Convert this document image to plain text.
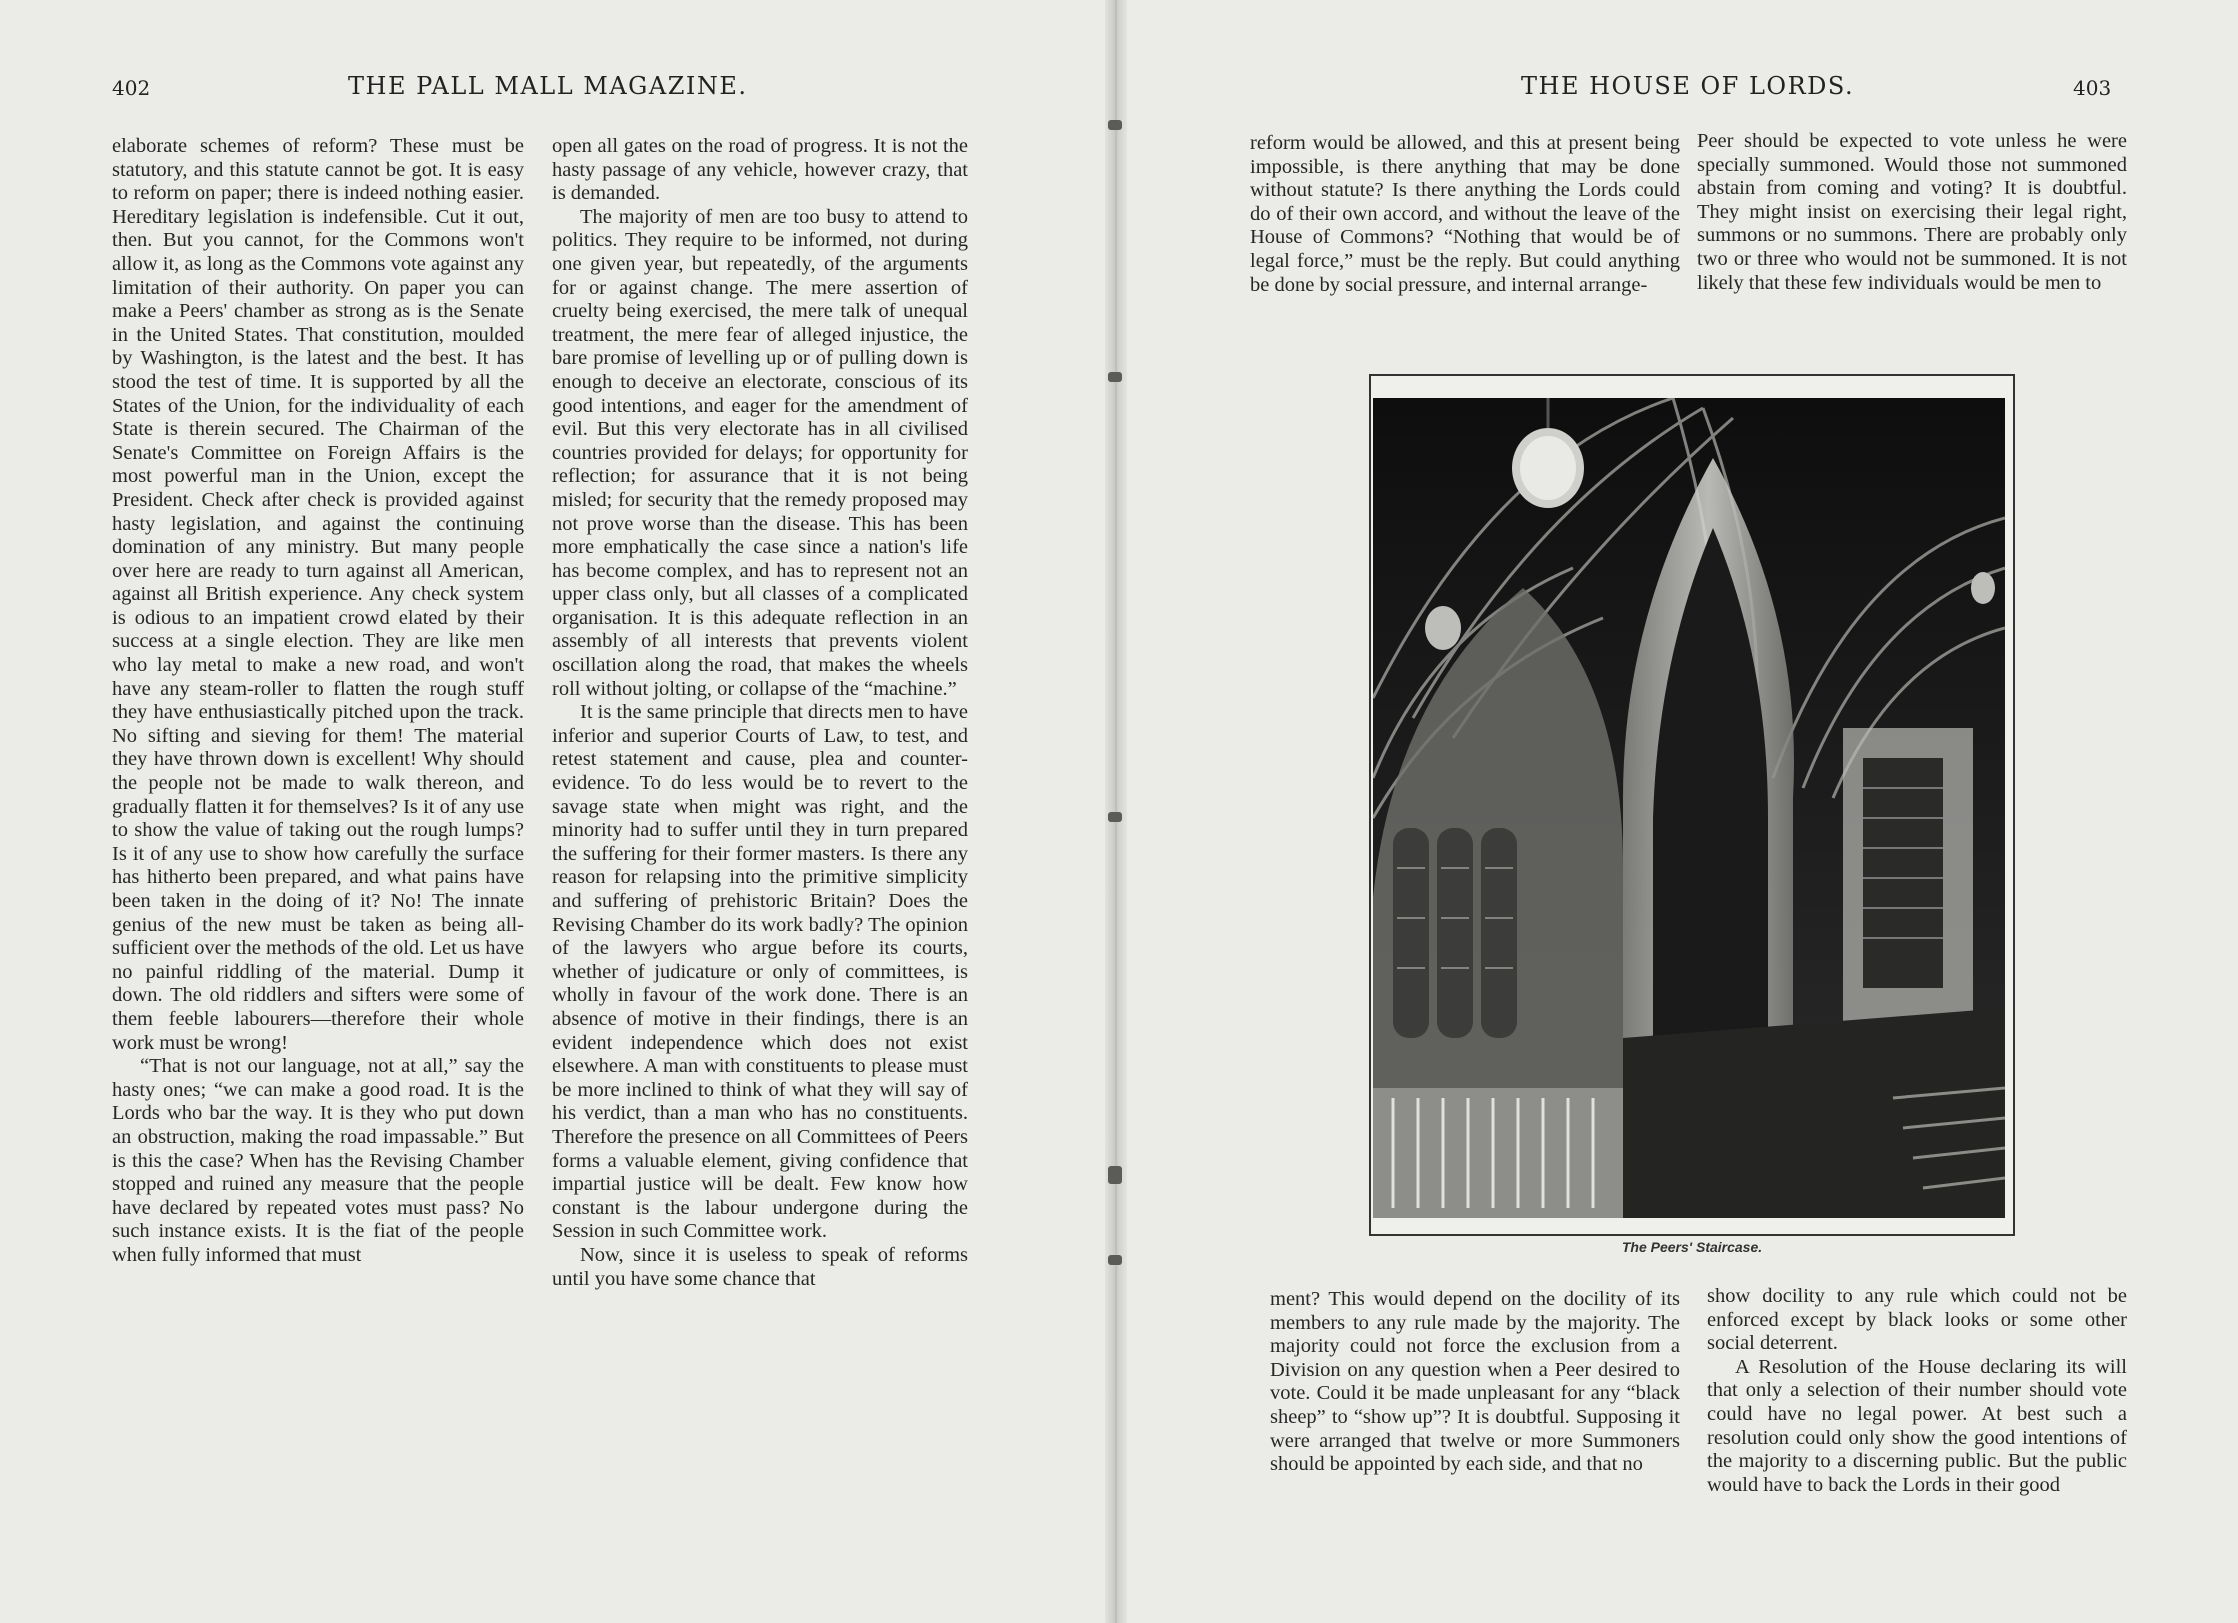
402	THE PALL MALL MAGAZINE.

elaborate schemes of reform? These must be statutory, and this statute cannot be got. It is easy to reform on paper; there is indeed nothing easier. Hereditary legislation is indefensible. Cut it out, then. But you cannot, for the Commons won't allow it, as long as the Commons vote against any limitation of their authority. On paper you can make a Peers' chamber as strong as is the Senate in the United States. That constitution, moulded by Washington, is the latest and the best. It has stood the test of time. It is supported by all the States of the Union, for the individuality of each State is therein secured. The Chairman of the Senate's Committee on Foreign Affairs is the most powerful man in the Union, except the President. Check after check is provided against hasty legislation, and against the continuing domination of any ministry. But many people over here are ready to turn against all American, against all British experience. Any check system is odious to an impatient crowd elated by their success at a single election. They are like men who lay metal to make a new road, and won't have any steam-roller to flatten the rough stuff they have enthusiastically pitched upon the track. No sifting and sieving for them! The material they have thrown down is excellent! Why should the people not be made to walk thereon, and gradually flatten it for themselves? Is it of any use to show the value of taking out the rough lumps? Is it of any use to show how carefully the surface has hitherto been prepared, and what pains have been taken in the doing of it? No! The innate genius of the new must be taken as being all-sufficient over the methods of the old. Let us have no painful riddling of the material. Dump it down. The old riddlers and sifters were some of them feeble labourers—therefore their whole work must be wrong!

“That is not our language, not at all,” say the hasty ones; “we can make a good road. It is the Lords who bar the way. It is they who put down an obstruction, making the road impassable.” But is this the case? When has the Revising Chamber stopped and ruined any measure that the people have declared by repeated votes must pass? No such instance exists. It is the fiat of the people when fully informed that must

open all gates on the road of progress. It is not the hasty passage of any vehicle, however crazy, that is demanded.

The majority of men are too busy to attend to politics. They require to be informed, not during one given year, but repeatedly, of the arguments for or against change. The mere assertion of cruelty being exercised, the mere talk of unequal treatment, the mere fear of alleged injustice, the bare promise of levelling up or of pulling down is enough to deceive an electorate, conscious of its good intentions, and eager for the amendment of evil. But this very electorate has in all civilised countries provided for delays; for opportunity for reflection; for assurance that it is not being misled; for security that the remedy proposed may not prove worse than the disease. This has been more emphatically the case since a nation's life has become complex, and has to represent not an upper class only, but all classes of a complicated organisation. It is this adequate reflection in an assembly of all interests that prevents violent oscillation along the road, that makes the wheels roll without jolting, or collapse of the “machine.”

It is the same principle that directs men to have inferior and superior Courts of Law, to test, and retest statement and cause, plea and counter-evidence. To do less would be to revert to the savage state when might was right, and the minority had to suffer until they in turn prepared the suffering for their former masters. Is there any reason for relapsing into the primitive simplicity and suffering of prehistoric Britain? Does the Revising Chamber do its work badly? The opinion of the lawyers who argue before its courts, whether of judicature or only of committees, is wholly in favour of the work done. There is an absence of motive in their findings, there is an evident independence which does not exist elsewhere. A man with constituents to please must be more inclined to think of what they will say of his verdict, than a man who has no constituents. Therefore the presence on all Committees of Peers forms a valuable element, giving confidence that impartial justice will be dealt. Few know how constant is the labour undergone during the Session in such Committee work.

Now, since it is useless to speak of reforms until you have some chance that

THE HOUSE OF LORDS.	403

reform would be allowed, and this at present being impossible, is there anything that may be done without statute? Is there anything the Lords could do of their own accord, and without the leave of the House of Commons? “Nothing that would be of legal force,” must be the reply. But could anything be done by social pressure, and internal arrange-

Peer should be expected to vote unless he were specially summoned. Would those not summoned abstain from coming and voting? It is doubtful. They might insist on exercising their legal right, summons or no summons. There are probably only two or three who would not be summoned. It is not likely that these few individuals would be men to

ment? This would depend on the docility of its members to any rule made by the majority. The majority could not force the exclusion from a Division on any question when a Peer desired to vote. Could it be made unpleasant for any “black sheep” to “show up”? It is doubtful. Supposing it were arranged that twelve or more Summoners should be appointed by each side, and that no

show docility to any rule which could not be enforced except by black looks or some other social deterrent.

A Resolution of the House declaring its will that only a selection of their number should vote could have no legal power. At best such a resolution could only show the good intentions of the majority to a discerning public. But the public would have to back the Lords in their good

The Peers' Staircase.
